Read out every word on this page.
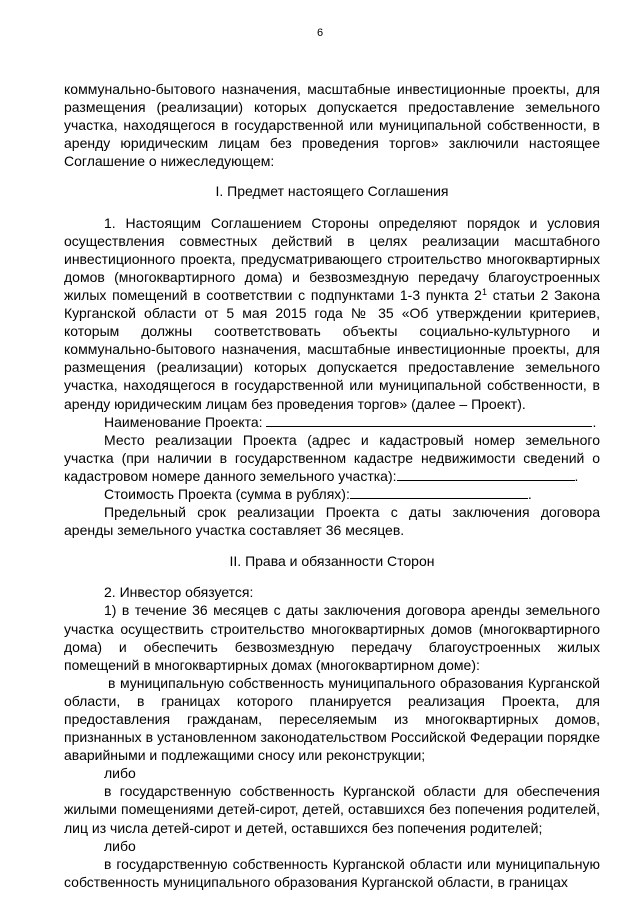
6

коммунально-бытового назначения, масштабные инвестиционные проекты, для размещения (реализации) которых допускается предоставление земельного участка, находящегося в государственной или муниципальной собственности, в аренду юридическим лицам без проведения торгов» заключили настоящее Соглашение о нижеследующем:

I. Предмет настоящего Соглашения

1. Настоящим Соглашением Стороны определяют порядок и условия осуществления совместных действий в целях реализации масштабного инвестиционного проекта, предусматривающего строительство многоквартирных домов (многоквартирного дома) и безвозмездную передачу благоустроенных жилых помещений в соответствии с подпунктами 1-3 пункта $2^1$ статьи 2 Закона Курганской области от 5 мая 2015 года № 35 «Об утверждении критериев, которым должны соответствовать объекты социально-культурного и коммунально-бытового назначения, масштабные инвестиционные проекты, для размещения (реализации) которых допускается предоставление земельного участка, находящегося в государственной или муниципальной собственности, в аренду юридическим лицам без проведения торгов» (далее – Проект).

Наименование Проекта:	.

Место реализации Проекта (адрес и кадастровый номер земельного участка (при наличии в государственном кадастре недвижимости сведений о кадастровом номере данного земельного участка):	.

Стоимость Проекта (сумма в рублях):	.

Предельный срок реализации Проекта с даты заключения договора аренды земельного участка составляет 36 месяцев.

II. Права и обязанности Сторон

2. Инвестор обязуется:

1) в течение 36 месяцев с даты заключения договора аренды земельного участка осуществить строительство многоквартирных домов (многоквартирного дома) и обеспечить безвозмездную передачу благоустроенных жилых помещений в многоквартирных домах (многоквартирном доме):

в муниципальную собственность муниципального образования Курганской области, в границах которого планируется реализация Проекта, для предоставления гражданам, переселяемым из многоквартирных домов, признанных в установленном законодательством Российской Федерации порядке аварийными и подлежащими сносу или реконструкции;

либо

в государственную собственность Курганской области для обеспечения жилыми помещениями детей-сирот, детей, оставшихся без попечения родителей, лиц из числа детей-сирот и детей, оставшихся без попечения родителей;

либо

в государственную собственность Курганской области или муниципальную собственность муниципального образования Курганской области, в границах
